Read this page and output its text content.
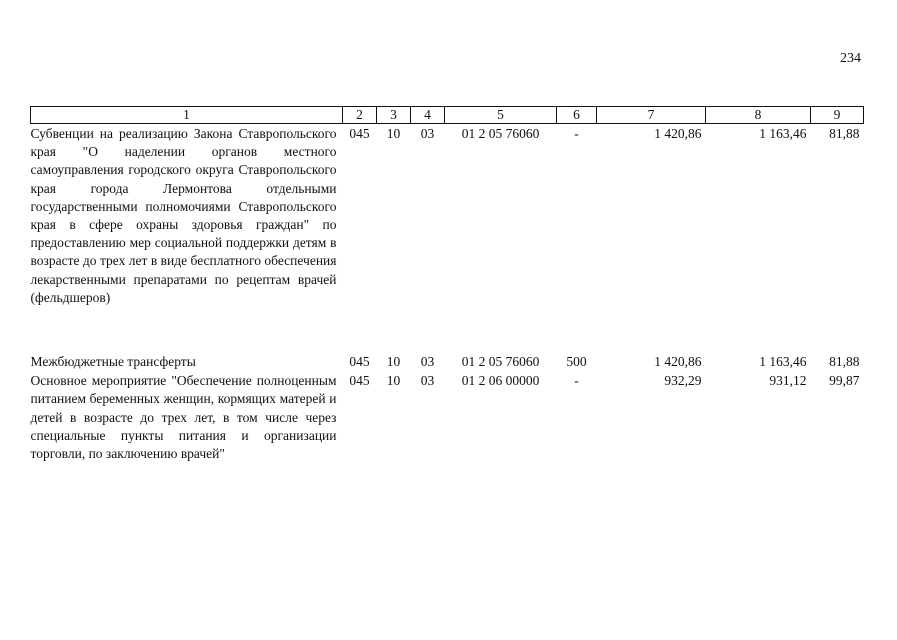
234
1	2	3	4	5	6	7	8	9
Субвенции на реализацию Закона Ставропольского края "О наделении органов местного самоуправления городского округа Ставропольского края города Лермонтова отдельными государственными полномочиями Ставропольского края в сфере охраны здоровья граждан" по предоставлению мер социальной поддержки детям в возрасте до трех лет в виде бесплатного обеспечения лекарственными препаратами по рецептам врачей (фельдшеров)	045	10	03	01 2 05 76060	-	1 420,86	1 163,46	81,88

Межбюджетные трансферты	045	10	03	01 2 05 76060	500	1 420,86	1 163,46	81,88
Основное мероприятие "Обеспечение полноценным питанием беременных женщин, кормящих матерей и детей в возрасте до трех лет, в том числе через специальные пункты питания и организации торговли, по заключению врачей"	045	10	03	01 2 06 00000	-	932,29	931,12	99,87
